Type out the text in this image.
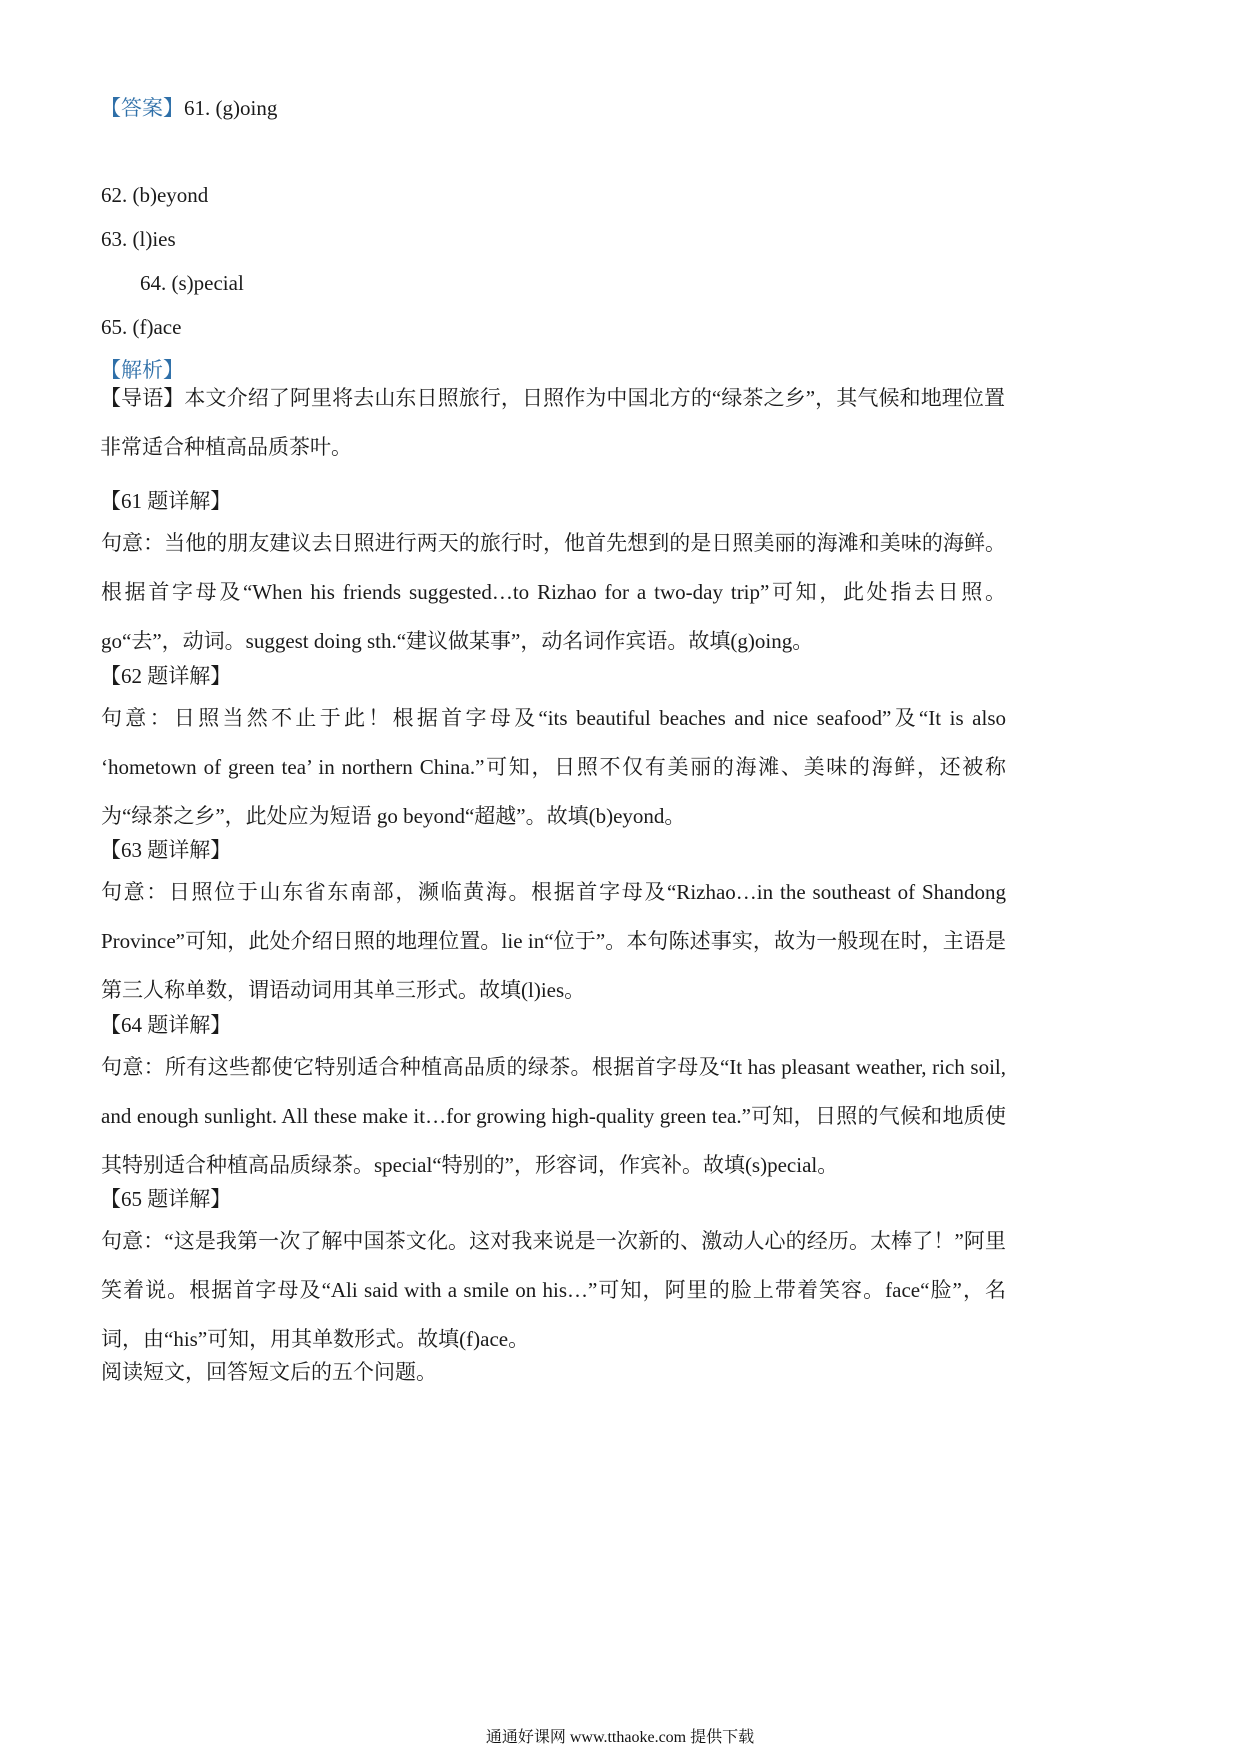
【答案】61. (g)oing
62. (b)eyond
63. (l)ies
64. (s)pecial
65. (f)ace
【解析】
【导语】本文介绍了阿里将去山东日照旅行，日照作为中国北方的“绿茶之乡”，其气候和地理位置非常适合种植高品质茶叶。
【61 题详解】
句意：当他的朋友建议去日照进行两天的旅行时，他首先想到的是日照美丽的海滩和美味的海鲜。根据首字母及“When his friends suggested…to Rizhao for a two-day trip”可知，此处指去日照。go“去”，动词。suggest doing sth.“建议做某事”，动名词作宾语。故填(g)oing。
【62 题详解】
句意：日照当然不止于此！根据首字母及“its beautiful beaches and nice seafood”及“It is also ‘hometown of green tea’ in northern China.”可知，日照不仅有美丽的海滩、美味的海鲜，还被称为“绿茶之乡”，此处应为短语 go beyond“超越”。故填(b)eyond。
【63 题详解】
句意：日照位于山东省东南部，濒临黄海。根据首字母及“Rizhao…in the southeast of Shandong Province”可知，此处介绍日照的地理位置。lie in“位于”。本句陈述事实，故为一般现在时，主语是第三人称单数，谓语动词用其单三形式。故填(l)ies。
【64 题详解】
句意：所有这些都使它特别适合种植高品质的绿茶。根据首字母及“It has pleasant weather, rich soil, and enough sunlight. All these make it…for growing high-quality green tea.”可知，日照的气候和地质使其特别适合种植高品质绿茶。special“特别的”，形容词，作宾补。故填(s)pecial。
【65 题详解】
句意：“这是我第一次了解中国茶文化。这对我来说是一次新的、激动人心的经历。太棒了！”阿里笑着说。根据首字母及“Ali said with a smile on his…”可知，阿里的脸上带着笑容。face“脸”，名词，由“his”可知，用其单数形式。故填(f)ace。
阅读短文，回答短文后的五个问题。
通通好课网 www.tthaoke.com 提供下载
